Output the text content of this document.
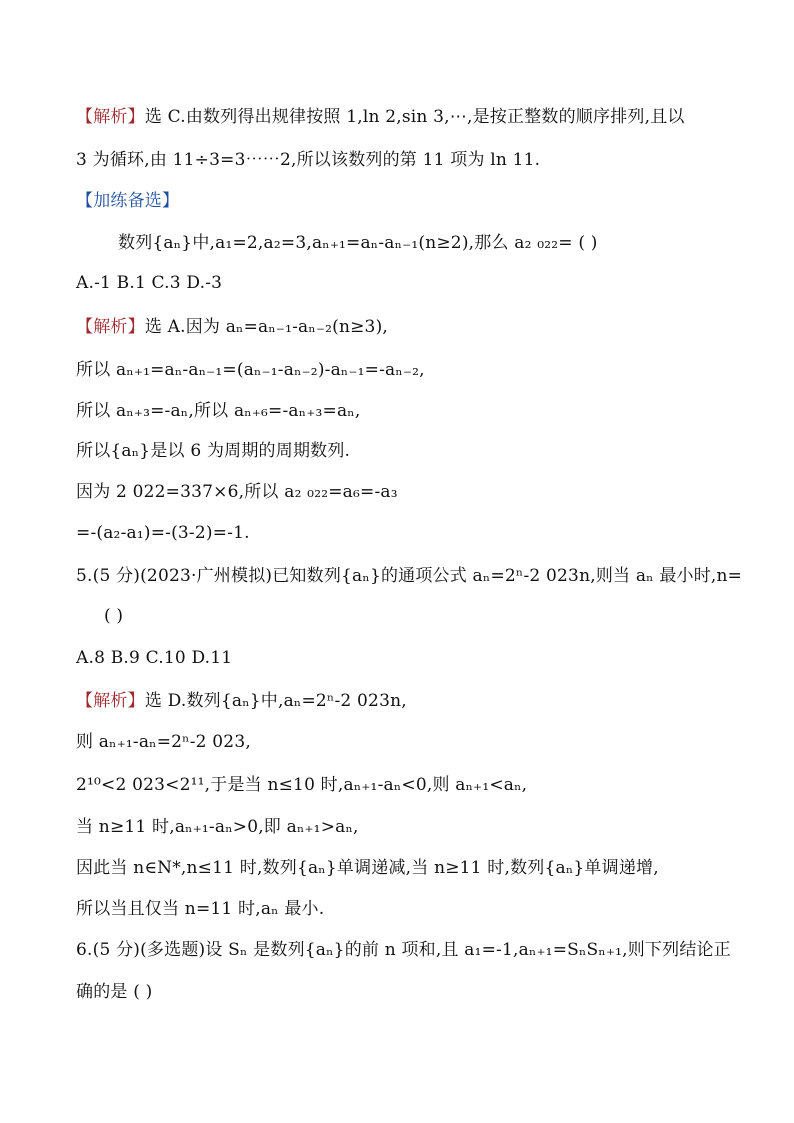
【解析】选 C.由数列得出规律按照 1,ln 2,sin 3,⋯,是按正整数的顺序排列,且以
3 为循环,由 11÷3=3⋯⋯2,所以该数列的第 11 项为 ln 11.
【加练备选】
数列{aₙ}中,a₁=2,a₂=3,aₙ₊₁=aₙ-aₙ₋₁(n≥2),那么 a₂ ₀₂₂= ( )
A.-1 B.1 C.3 D.-3
【解析】选 A.因为 aₙ=aₙ₋₁-aₙ₋₂(n≥3),
所以 aₙ₊₁=aₙ-aₙ₋₁=(aₙ₋₁-aₙ₋₂)-aₙ₋₁=-aₙ₋₂,
所以 aₙ₊₃=-aₙ,所以 aₙ₊₆=-aₙ₊₃=aₙ,
所以{aₙ}是以 6 为周期的周期数列.
因为 2 022=337×6,所以 a₂ ₀₂₂=a₆=-a₃
=-(a₂-a₁)=-(3-2)=-1.
5.(5 分)(2023·广州模拟)已知数列{aₙ}的通项公式 aₙ=2ⁿ-2 023n,则当 aₙ 最小时,n=
( )
A.8 B.9 C.10 D.11
【解析】选 D.数列{aₙ}中,aₙ=2ⁿ-2 023n,
则 aₙ₊₁-aₙ=2ⁿ-2 023,
2¹⁰<2 023<2¹¹,于是当 n≤10 时,aₙ₊₁-aₙ<0,则 aₙ₊₁<aₙ,
当 n≥11 时,aₙ₊₁-aₙ>0,即 aₙ₊₁>aₙ,
因此当 n∈N*,n≤11 时,数列{aₙ}单调递减,当 n≥11 时,数列{aₙ}单调递增,
所以当且仅当 n=11 时,aₙ 最小.
6.(5 分)(多选题)设 Sₙ 是数列{aₙ}的前 n 项和,且 a₁=-1,aₙ₊₁=SₙSₙ₊₁,则下列结论正
确的是 ( )
